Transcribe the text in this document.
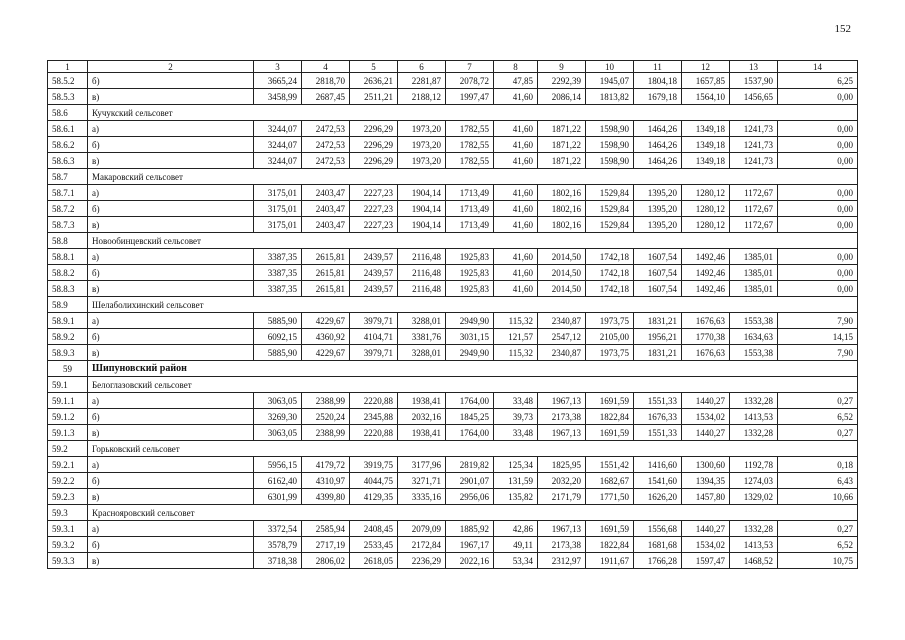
152
1	2	3	4	5	6	7	8	9	10	11	12	13	14
58.5.2	б)	3665,24	2818,70	2636,21	2281,87	2078,72	47,85	2292,39	1945,07	1804,18	1657,85	1537,90	6,25
58.5.3	в)	3458,99	2687,45	2511,21	2188,12	1997,47	41,60	2086,14	1813,82	1679,18	1564,10	1456,65	0,00
58.6	Кучукский сельсовет												
58.6.1	а)	3244,07	2472,53	2296,29	1973,20	1782,55	41,60	1871,22	1598,90	1464,26	1349,18	1241,73	0,00
58.6.2	б)	3244,07	2472,53	2296,29	1973,20	1782,55	41,60	1871,22	1598,90	1464,26	1349,18	1241,73	0,00
58.6.3	в)	3244,07	2472,53	2296,29	1973,20	1782,55	41,60	1871,22	1598,90	1464,26	1349,18	1241,73	0,00
58.7	Макаровский сельсовет												
58.7.1	а)	3175,01	2403,47	2227,23	1904,14	1713,49	41,60	1802,16	1529,84	1395,20	1280,12	1172,67	0,00
58.7.2	б)	3175,01	2403,47	2227,23	1904,14	1713,49	41,60	1802,16	1529,84	1395,20	1280,12	1172,67	0,00
58.7.3	в)	3175,01	2403,47	2227,23	1904,14	1713,49	41,60	1802,16	1529,84	1395,20	1280,12	1172,67	0,00
58.8	Новообинцевский сельсовет												
58.8.1	а)	3387,35	2615,81	2439,57	2116,48	1925,83	41,60	2014,50	1742,18	1607,54	1492,46	1385,01	0,00
58.8.2	б)	3387,35	2615,81	2439,57	2116,48	1925,83	41,60	2014,50	1742,18	1607,54	1492,46	1385,01	0,00
58.8.3	в)	3387,35	2615,81	2439,57	2116,48	1925,83	41,60	2014,50	1742,18	1607,54	1492,46	1385,01	0,00
58.9	Шелаболихинский сельсовет												
58.9.1	а)	5885,90	4229,67	3979,71	3288,01	2949,90	115,32	2340,87	1973,75	1831,21	1676,63	1553,38	7,90
58.9.2	б)	6092,15	4360,92	4104,71	3381,76	3031,15	121,57	2547,12	2105,00	1956,21	1770,38	1634,63	14,15
58.9.3	в)	5885,90	4229,67	3979,71	3288,01	2949,90	115,32	2340,87	1973,75	1831,21	1676,63	1553,38	7,90
59	Шипуновский район												
59.1	Белоглазовский сельсовет												
59.1.1	а)	3063,05	2388,99	2220,88	1938,41	1764,00	33,48	1967,13	1691,59	1551,33	1440,27	1332,28	0,27
59.1.2	б)	3269,30	2520,24	2345,88	2032,16	1845,25	39,73	2173,38	1822,84	1676,33	1534,02	1413,53	6,52
59.1.3	в)	3063,05	2388,99	2220,88	1938,41	1764,00	33,48	1967,13	1691,59	1551,33	1440,27	1332,28	0,27
59.2	Горьковский сельсовет												
59.2.1	а)	5956,15	4179,72	3919,75	3177,96	2819,82	125,34	1825,95	1551,42	1416,60	1300,60	1192,78	0,18
59.2.2	б)	6162,40	4310,97	4044,75	3271,71	2901,07	131,59	2032,20	1682,67	1541,60	1394,35	1274,03	6,43
59.2.3	в)	6301,99	4399,80	4129,35	3335,16	2956,06	135,82	2171,79	1771,50	1626,20	1457,80	1329,02	10,66
59.3	Краснояровский сельсовет												
59.3.1	а)	3372,54	2585,94	2408,45	2079,09	1885,92	42,86	1967,13	1691,59	1556,68	1440,27	1332,28	0,27
59.3.2	б)	3578,79	2717,19	2533,45	2172,84	1967,17	49,11	2173,38	1822,84	1681,68	1534,02	1413,53	6,52
59.3.3	в)	3718,38	2806,02	2618,05	2236,29	2022,16	53,34	2312,97	1911,67	1766,28	1597,47	1468,52	10,75
